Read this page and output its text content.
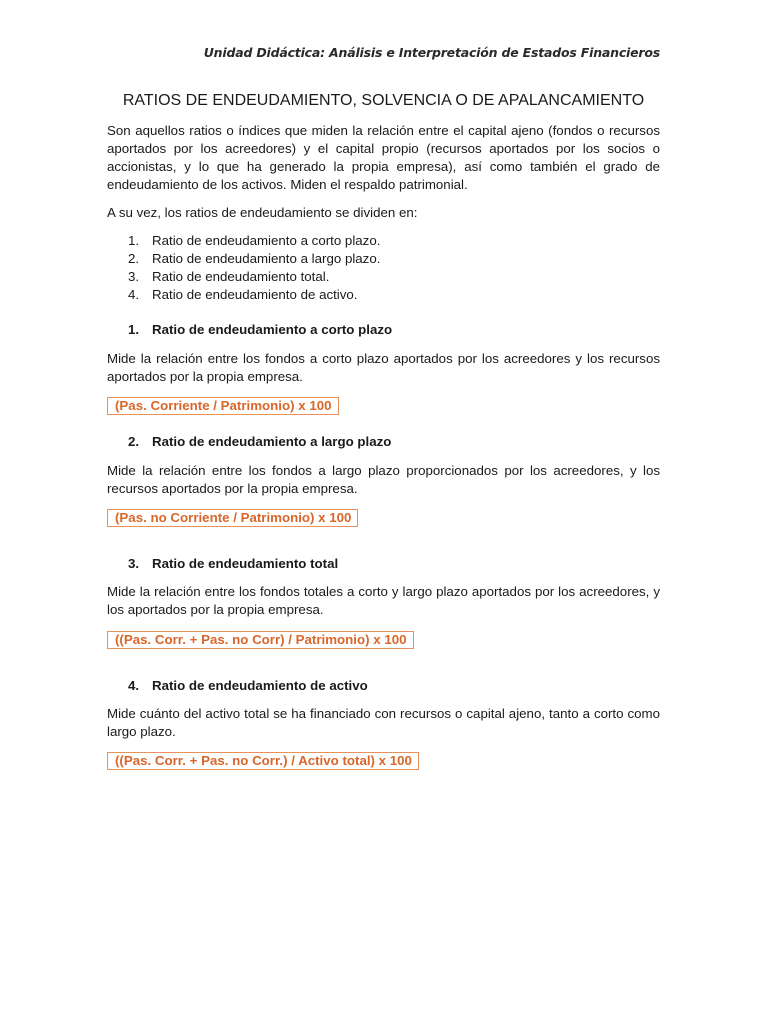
Unidad Didáctica: Análisis e Interpretación de Estados Financieros
RATIOS DE ENDEUDAMIENTO, SOLVENCIA O DE APALANCAMIENTO
Son aquellos ratios o índices que miden la relación entre el capital ajeno (fondos o recursos aportados por los acreedores) y el capital propio (recursos aportados por los socios o accionistas, y lo que ha generado la propia empresa), así como también el grado de endeudamiento de los activos. Miden el respaldo patrimonial.
A su vez, los ratios de endeudamiento se dividen en:
1. Ratio de endeudamiento a corto plazo.
2. Ratio de endeudamiento a largo plazo.
3. Ratio de endeudamiento total.
4. Ratio de endeudamiento de activo.
1. Ratio de endeudamiento a corto plazo
Mide la relación entre los fondos a corto plazo aportados por los acreedores y los recursos aportados por la propia empresa.
(Pas. Corriente / Patrimonio) x 100
2. Ratio de endeudamiento a largo plazo
Mide la relación entre los fondos a largo plazo proporcionados por los acreedores, y los recursos aportados por la propia empresa.
(Pas. no Corriente / Patrimonio) x 100
3. Ratio de endeudamiento total
Mide la relación entre los fondos totales a corto y largo plazo aportados por los acreedores, y los aportados por la propia empresa.
((Pas. Corr. + Pas. no Corr) / Patrimonio) x 100
4. Ratio de endeudamiento de activo
Mide cuánto del activo total se ha financiado con recursos o capital ajeno, tanto a corto como largo plazo.
((Pas. Corr. + Pas. no Corr.) / Activo total) x 100
